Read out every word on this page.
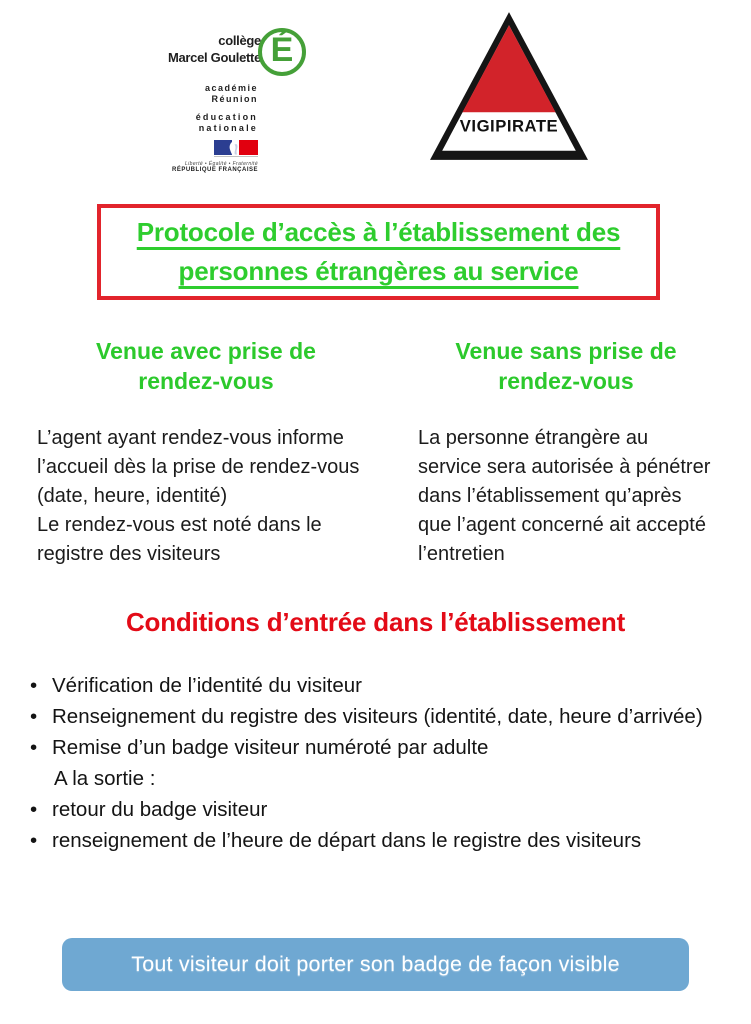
collège
Marcel Goulette É
académie
Réunion
éducation
nationale
Liberté • Égalité • Fraternité
RÉPUBLIQUE FRANÇAISE
VIGIPIRATE
Protocole d’accès à l’établissement des
personnes étrangères au service
Venue avec prise de rendez-vous
L’agent ayant rendez-vous informe l’accueil dès la prise de rendez-vous (date, heure, identité)
Le rendez-vous est noté dans le registre des visiteurs
Venue sans prise de rendez-vous
La personne étrangère au service sera autorisée à pénétrer dans l’établissement qu’après que l’agent concerné ait accepté l’entretien
Conditions d’entrée dans l’établissement
• Vérification de l’identité du visiteur
• Renseignement du registre des visiteurs (identité, date, heure d’arrivée)
• Remise d’un badge visiteur numéroté par adulte
A la sortie :
• retour du badge visiteur
• renseignement de l’heure de départ dans le registre des visiteurs
Tout visiteur doit porter son badge de façon visible
